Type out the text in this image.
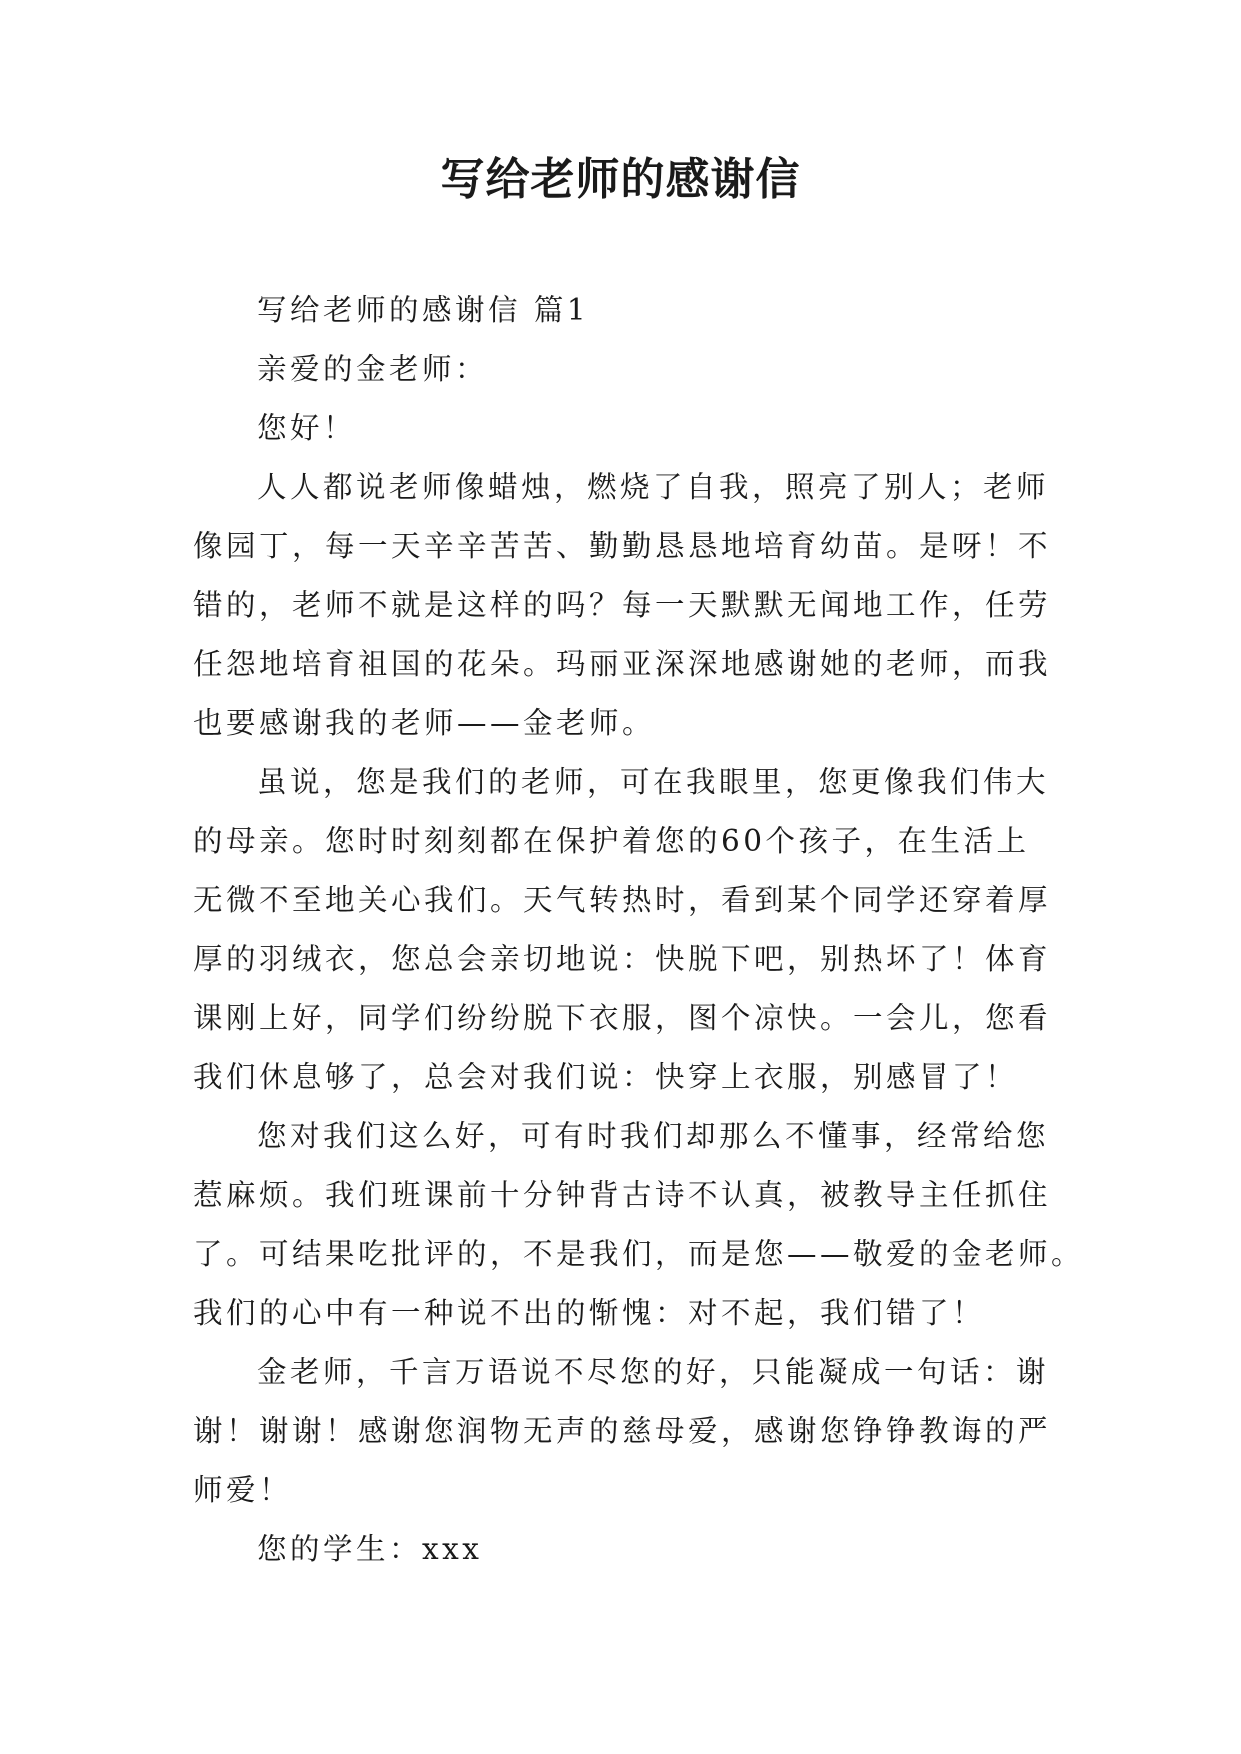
写给老师的感谢信
写给老师的感谢信 篇1
亲爱的金老师：
您好！
人人都说老师像蜡烛，燃烧了自我，照亮了别人；老师
像园丁，每一天辛辛苦苦、勤勤恳恳地培育幼苗。是呀！不
错的，老师不就是这样的吗？每一天默默无闻地工作，任劳
任怨地培育祖国的花朵。玛丽亚深深地感谢她的老师，而我
也要感谢我的老师——金老师。
虽说，您是我们的老师，可在我眼里，您更像我们伟大
的母亲。您时时刻刻都在保护着您的60个孩子，在生活上
无微不至地关心我们。天气转热时，看到某个同学还穿着厚
厚的羽绒衣，您总会亲切地说：快脱下吧，别热坏了！体育
课刚上好，同学们纷纷脱下衣服，图个凉快。一会儿，您看
我们休息够了，总会对我们说：快穿上衣服，别感冒了！
您对我们这么好，可有时我们却那么不懂事，经常给您
惹麻烦。我们班课前十分钟背古诗不认真，被教导主任抓住
了。可结果吃批评的，不是我们，而是您——敬爱的金老师。
我们的心中有一种说不出的惭愧：对不起，我们错了！
金老师，千言万语说不尽您的好，只能凝成一句话：谢
谢！谢谢！感谢您润物无声的慈母爱，感谢您铮铮教诲的严
师爱！
您的学生：xxx
